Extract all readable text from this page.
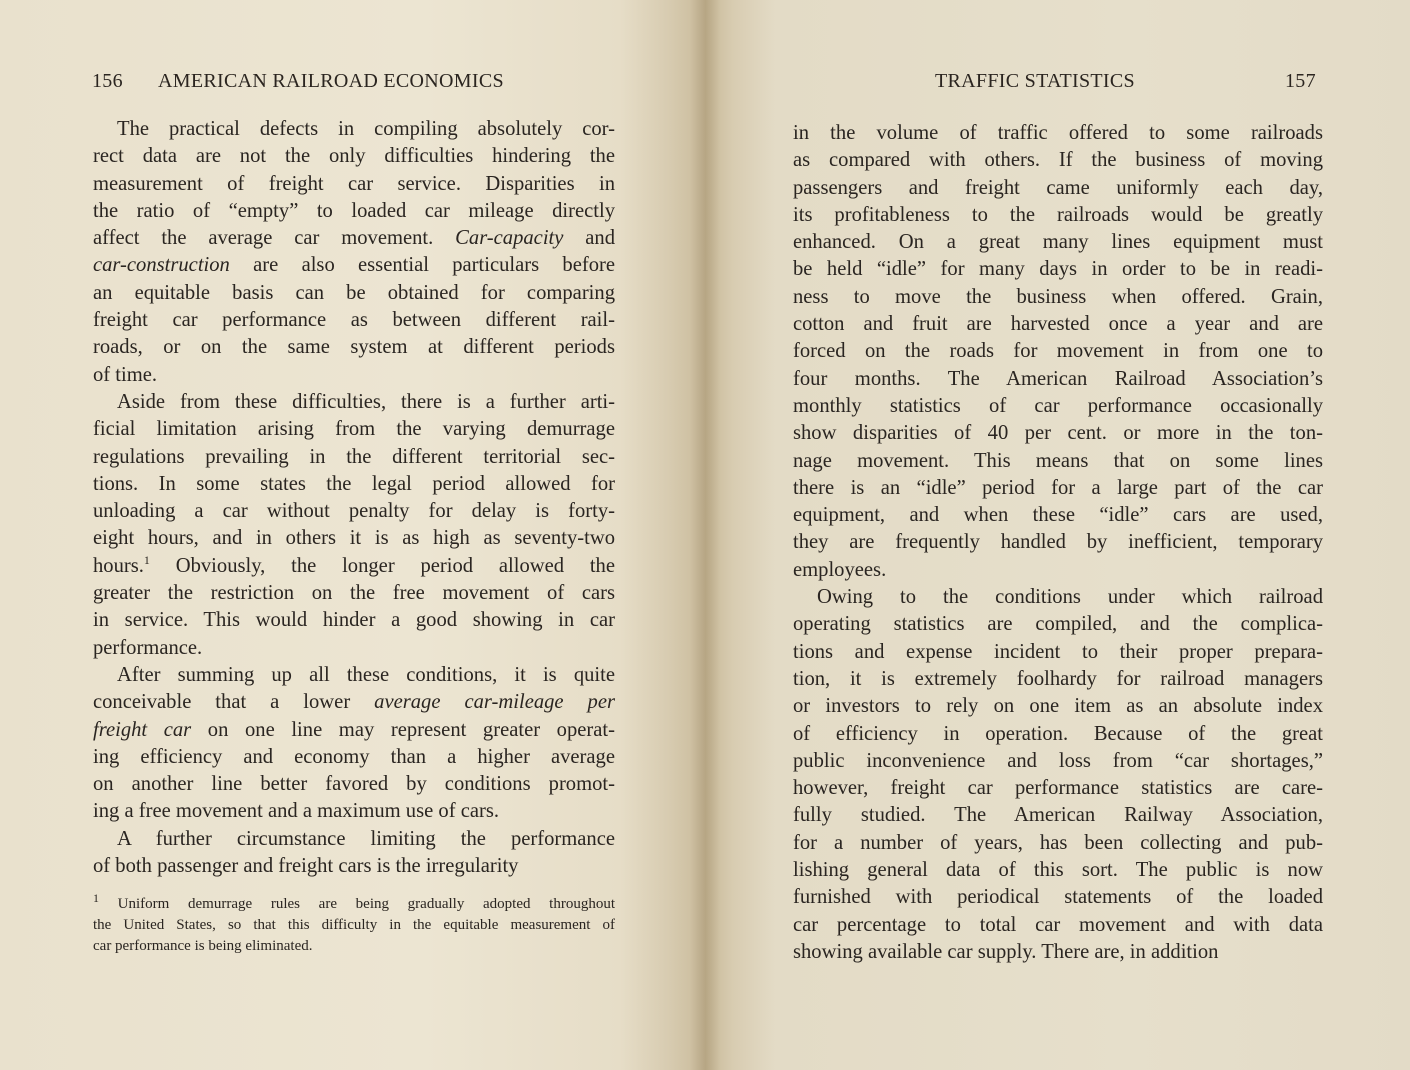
156 AMERICAN RAILROAD ECONOMICS

The practical defects in compiling absolutely cor-
rect data are not the only difficulties hindering the
measurement of freight car service. Disparities in
the ratio of “empty” to loaded car mileage directly
affect the average car movement. Car-capacity and
car-construction are also essential particulars before
an equitable basis can be obtained for comparing
freight car performance as between different rail-
roads, or on the same system at different periods
of time.

Aside from these difficulties, there is a further arti-
ficial limitation arising from the varying demurrage
regulations prevailing in the different territorial sec-
tions. In some states the legal period allowed for
unloading a car without penalty for delay is forty-
eight hours, and in others it is as high as seventy-two
hours.$^1$ Obviously, the longer period allowed the
greater the restriction on the free movement of cars
in service. This would hinder a good showing in car
performance.

After summing up all these conditions, it is quite
conceivable that a lower average car-mileage per
freight car on one line may represent greater operat-
ing efficiency and economy than a higher average
on another line better favored by conditions promot-
ing a free movement and a maximum use of cars.

A further circumstance limiting the performance
of both passenger and freight cars is the irregularity

$^1$ Uniform demurrage rules are being gradually adopted throughout
the United States, so that this difficulty in the equitable measurement of
car performance is being eliminated.
TRAFFIC STATISTICS	157

in the volume of traffic offered to some railroads
as compared with others. If the business of moving
passengers and freight came uniformly each day,
its profitableness to the railroads would be greatly
enhanced. On a great many lines equipment must
be held “idle” for many days in order to be in readi-
ness to move the business when offered. Grain,
cotton and fruit are harvested once a year and are
forced on the roads for movement in from one to
four months. The American Railroad Association’s
monthly statistics of car performance occasionally
show disparities of 40 per cent. or more in the ton-
nage movement. This means that on some lines
there is an “idle” period for a large part of the car
equipment, and when these “idle” cars are used,
they are frequently handled by inefficient, temporary
employees.

Owing to the conditions under which railroad
operating statistics are compiled, and the complica-
tions and expense incident to their proper prepara-
tion, it is extremely foolhardy for railroad managers
or investors to rely on one item as an absolute index
of efficiency in operation. Because of the great
public inconvenience and loss from “car shortages,”
however, freight car performance statistics are care-
fully studied. The American Railway Association,
for a number of years, has been collecting and pub-
lishing general data of this sort. The public is now
furnished with periodical statements of the loaded
car percentage to total car movement and with data
showing available car supply. There are, in addition
